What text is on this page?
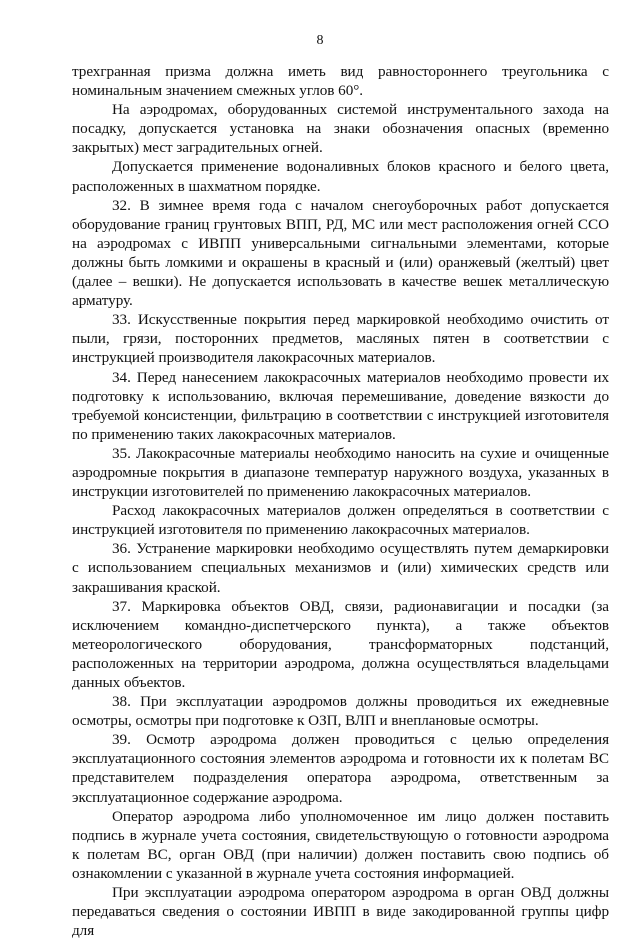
8

трехгранная призма должна иметь вид равностороннего треугольника с номинальным значением смежных углов 60°.

На аэродромах, оборудованных системой инструментального захода на посадку, допускается установка на знаки обозначения опасных (временно закрытых) мест заградительных огней.

Допускается применение водоналивных блоков красного и белого цвета, расположенных в шахматном порядке.

32. В зимнее время года с началом снегоуборочных работ допускается оборудование границ грунтовых ВПП, РД, МС или мест расположения огней ССО на аэродромах с ИВПП универсальными сигнальными элементами, которые должны быть ломкими и окрашены в красный и (или) оранжевый (желтый) цвет (далее – вешки). Не допускается использовать в качестве вешек металлическую арматуру.

33. Искусственные покрытия перед маркировкой необходимо очистить от пыли, грязи, посторонних предметов, масляных пятен в соответствии с инструкцией производителя лакокрасочных материалов.

34. Перед нанесением лакокрасочных материалов необходимо провести их подготовку к использованию, включая перемешивание, доведение вязкости до требуемой консистенции, фильтрацию в соответствии с инструкцией изготовителя по применению таких лакокрасочных материалов.

35. Лакокрасочные материалы необходимо наносить на сухие и очищенные аэродромные покрытия в диапазоне температур наружного воздуха, указанных в инструкции изготовителей по применению лакокрасочных материалов.

Расход лакокрасочных материалов должен определяться в соответствии с инструкцией изготовителя по применению лакокрасочных материалов.

36. Устранение маркировки необходимо осуществлять путем демаркировки с использованием специальных механизмов и (или) химических средств или закрашивания краской.

37. Маркировка объектов ОВД, связи, радионавигации и посадки (за исключением командно-диспетчерского пункта), а также объектов метеорологического оборудования, трансформаторных подстанций, расположенных на территории аэродрома, должна осуществляться владельцами данных объектов.

38. При эксплуатации аэродромов должны проводиться их ежедневные осмотры, осмотры при подготовке к ОЗП, ВЛП и внеплановые осмотры.

39. Осмотр аэродрома должен проводиться с целью определения эксплуатационного состояния элементов аэродрома и готовности их к полетам ВС представителем подразделения оператора аэродрома, ответственным за эксплуатационное содержание аэродрома.

Оператор аэродрома либо уполномоченное им лицо должен поставить подпись в журнале учета состояния, свидетельствующую о готовности аэродрома к полетам ВС, орган ОВД (при наличии) должен поставить свою подпись об ознакомлении с указанной в журнале учета состояния информацией.

При эксплуатации аэродрома оператором аэродрома в орган ОВД должны передаваться сведения о состоянии ИВПП в виде закодированной группы цифр для
